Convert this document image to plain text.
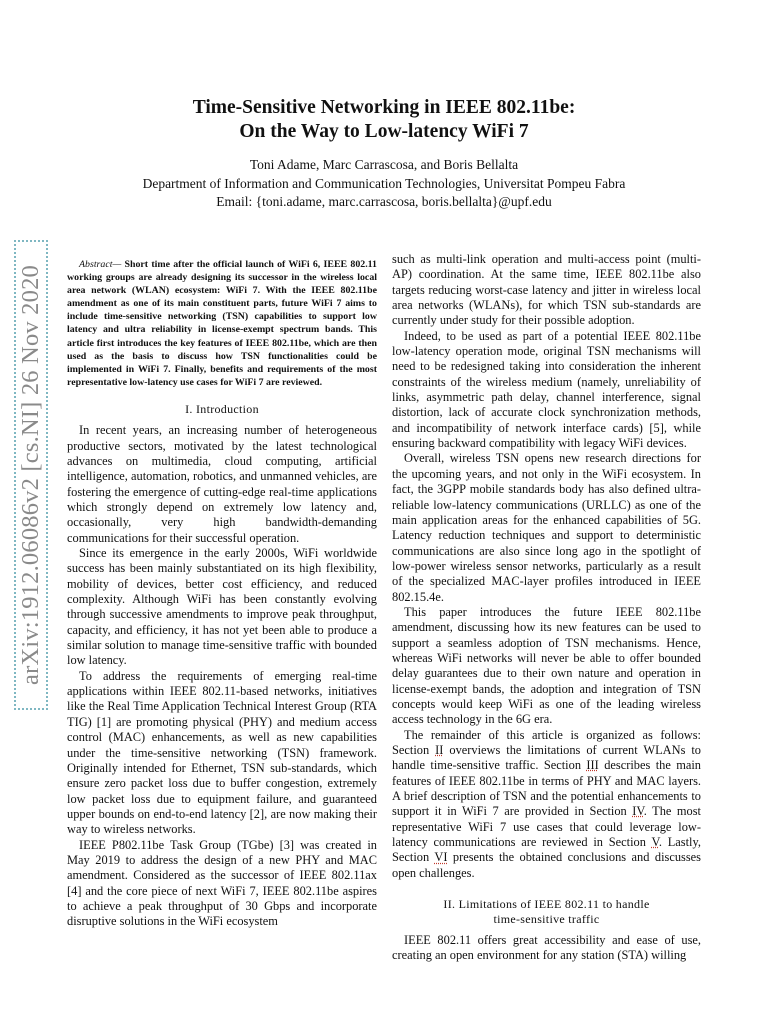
arXiv:1912.06086v2 [cs.NI] 26 Nov 2020
Time-Sensitive Networking in IEEE 802.11be:
On the Way to Low-latency WiFi 7
Toni Adame, Marc Carrascosa, and Boris Bellalta
Department of Information and Communication Technologies, Universitat Pompeu Fabra
Email: {toni.adame, marc.carrascosa, boris.bellalta}@upf.edu
Abstract— Short time after the official launch of WiFi 6, IEEE 802.11 working groups are already designing its successor in the wireless local area network (WLAN) ecosystem: WiFi 7. With the IEEE 802.11be amendment as one of its main constituent parts, future WiFi 7 aims to include time-sensitive networking (TSN) capabilities to support low latency and ultra reliability in license-exempt spectrum bands. This article first introduces the key features of IEEE 802.11be, which are then used as the basis to discuss how TSN functionalities could be implemented in WiFi 7. Finally, benefits and requirements of the most representative low-latency use cases for WiFi 7 are reviewed.
I. Introduction

In recent years, an increasing number of heterogeneous productive sectors, motivated by the latest technological advances on multimedia, cloud computing, artificial intelligence, automation, robotics, and unmanned vehicles, are fostering the emergence of cutting-edge real-time applications which strongly depend on extremely low latency and, occasionally, very high bandwidth-demanding communications for their successful operation.

Since its emergence in the early 2000s, WiFi worldwide success has been mainly substantiated on its high flexibility, mobility of devices, better cost efficiency, and reduced complexity. Although WiFi has been constantly evolving through successive amendments to improve peak throughput, capacity, and efficiency, it has not yet been able to produce a similar solution to manage time-sensitive traffic with bounded low latency.

To address the requirements of emerging real-time applications within IEEE 802.11-based networks, initiatives like the Real Time Application Technical Interest Group (RTA TIG) [1] are promoting physical (PHY) and medium access control (MAC) enhancements, as well as new capabilities under the time-sensitive networking (TSN) framework. Originally intended for Ethernet, TSN sub-standards, which ensure zero packet loss due to buffer congestion, extremely low packet loss due to equipment failure, and guaranteed upper bounds on end-to-end latency [2], are now making their way to wireless networks.

IEEE P802.11be Task Group (TGbe) [3] was created in May 2019 to address the design of a new PHY and MAC amendment. Considered as the successor of IEEE 802.11ax [4] and the core piece of next WiFi 7, IEEE 802.11be aspires to achieve a peak throughput of 30 Gbps and incorporate disruptive solutions in the WiFi ecosystem

such as multi-link operation and multi-access point (multi-AP) coordination. At the same time, IEEE 802.11be also targets reducing worst-case latency and jitter in wireless local area networks (WLANs), for which TSN sub-standards are currently under study for their possible adoption.

Indeed, to be used as part of a potential IEEE 802.11be low-latency operation mode, original TSN mechanisms will need to be redesigned taking into consideration the inherent constraints of the wireless medium (namely, unreliability of links, asymmetric path delay, channel interference, signal distortion, lack of accurate clock synchronization methods, and incompatibility of network interface cards) [5], while ensuring backward compatibility with legacy WiFi devices.

Overall, wireless TSN opens new research directions for the upcoming years, and not only in the WiFi ecosystem. In fact, the 3GPP mobile standards body has also defined ultra-reliable low-latency communications (URLLC) as one of the main application areas for the enhanced capabilities of 5G. Latency reduction techniques and support to deterministic communications are also since long ago in the spotlight of low-power wireless sensor networks, particularly as a result of the specialized MAC-layer profiles introduced in IEEE 802.15.4e.

This paper introduces the future IEEE 802.11be amendment, discussing how its new features can be used to support a seamless adoption of TSN mechanisms. Hence, whereas WiFi networks will never be able to offer bounded delay guarantees due to their own nature and operation in license-exempt bands, the adoption and integration of TSN concepts would keep WiFi as one of the leading wireless access technology in the 6G era.

The remainder of this article is organized as follows: Section II overviews the limitations of current WLANs to handle time-sensitive traffic. Section III describes the main features of IEEE 802.11be in terms of PHY and MAC layers. A brief description of TSN and the potential enhancements to support it in WiFi 7 are provided in Section IV. The most representative WiFi 7 use cases that could leverage low-latency communications are reviewed in Section V. Lastly, Section VI presents the obtained conclusions and discusses open challenges.

II. Limitations of IEEE 802.11 to handle
time-sensitive traffic

IEEE 802.11 offers great accessibility and ease of use, creating an open environment for any station (STA) willing
